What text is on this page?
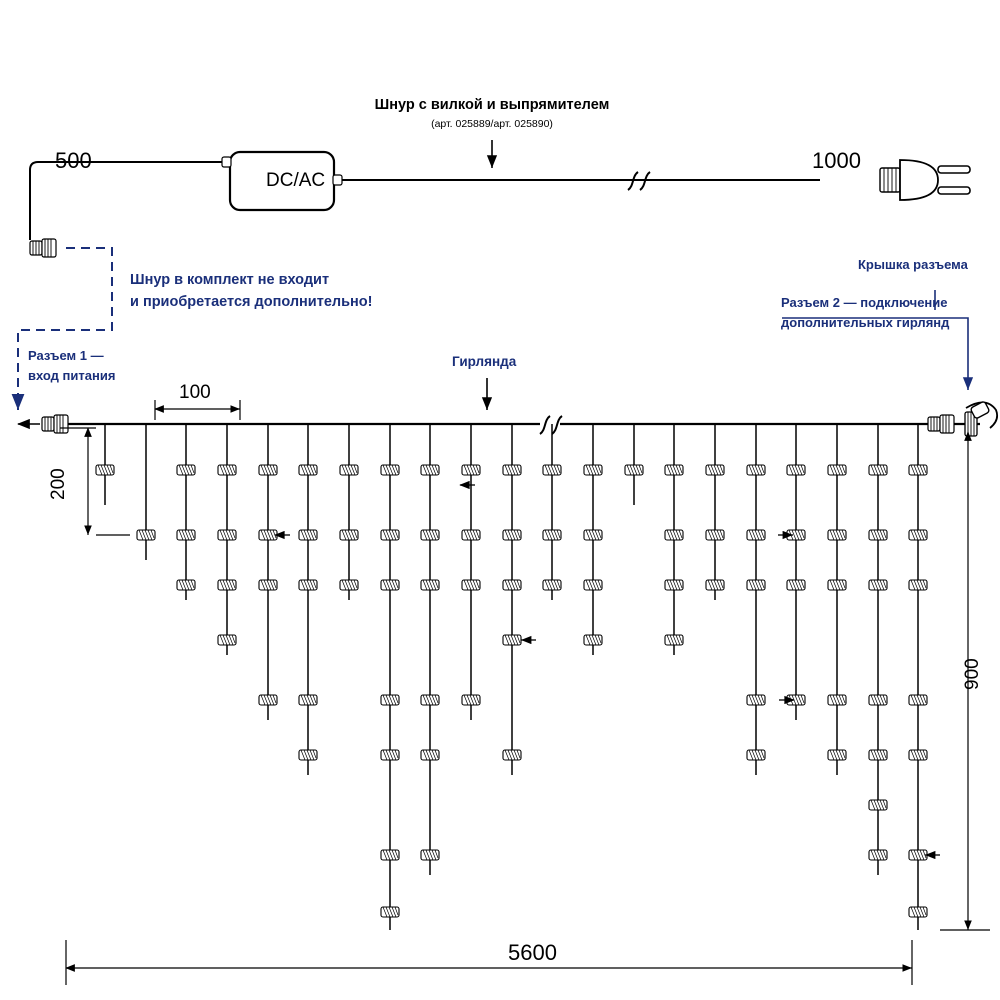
Шнур с вилкой и выпрямителем
(арт. 025889/арт. 025890)
500	1000
DC/AC
Шнур в комплект не входит
и приобретается дополнительно!
Разъем 1 —
вход питания
Крышка разъема
Разъем 2 — подключение
дополнительных гирлянд
Гирлянда
100
200
900
5600
